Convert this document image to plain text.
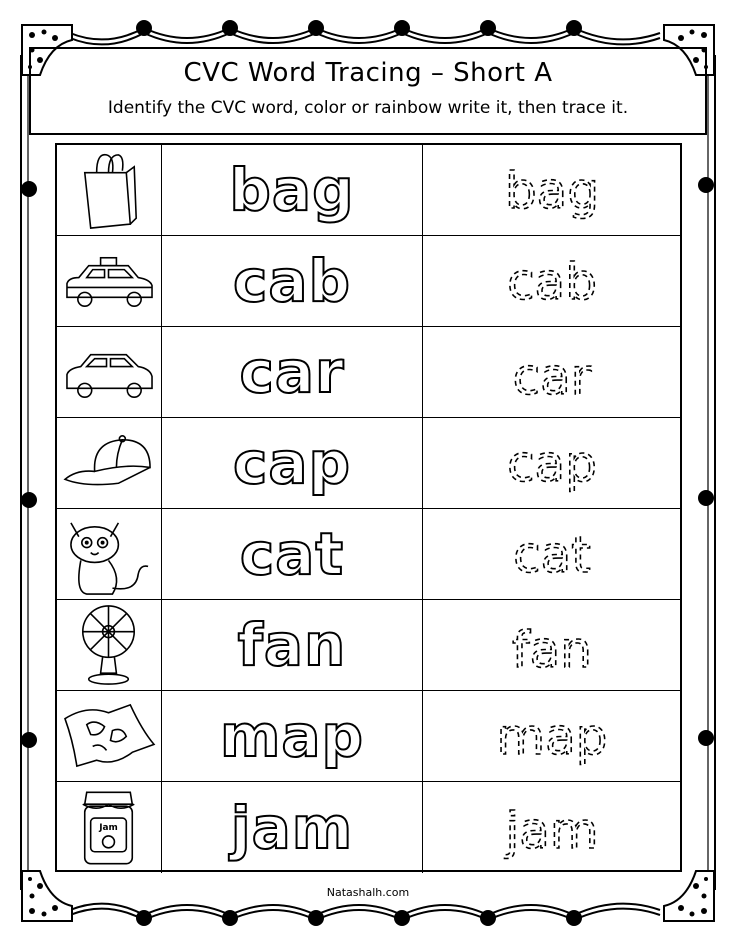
CVC Word Tracing – Short A
Identify the CVC word, color or rainbow write it, then trace it.
bag	bag
cab	cab
car	car
cap	cap
cat	cat
fan	fan
map	map
Jam jam	jam
Natashalh.com
